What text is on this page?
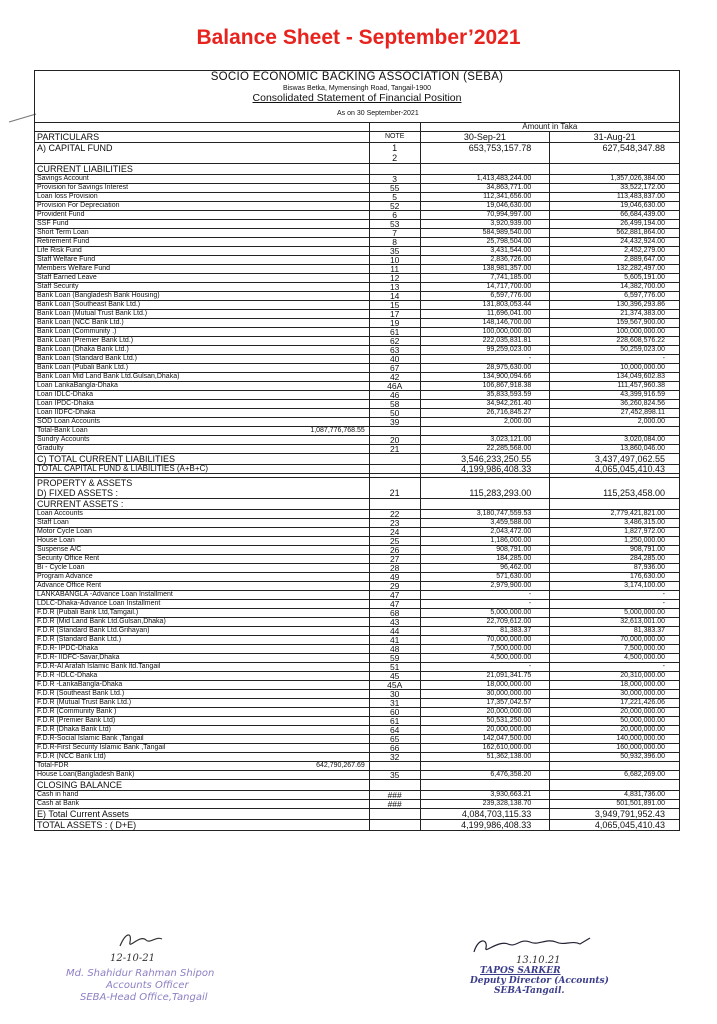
Balance Sheet - September’2021
SOCIO ECONOMIC BACKING ASSOCIATION (SEBA)
Biswas Betka, Mymensingh Road, Tangail-1900
Consolidated Statement of Financial Position
As on 30 September-2021
		Amount in Taka	
PARTICULARS	NOTE	30-Sep-21	31-Aug-21
A) CAPITAL FUND	1	653,753,157.78	627,548,347.88
	2		
CURRENT LIABILITIES			
Savings Account	3	1,413,483,244.00	1,357,026,384.00
Provision for Savings Interest	55	34,863,771.00	33,522,172.00
Loan loss Provision	5	112,341,656.00	113,483,837.00
Provision For Depreciation	52	19,046,630.00	19,046,630.00
Provident Fund	6	70,994,997.00	66,684,439.00
SSF Fund	53	3,920,939.00	26,499,194.00
Short Term Loan	7	584,989,540.00	562,881,864.00
Retirement Fund	8	25,798,504.00	24,432,924.00
Life Risk Fund	35	3,431,544.00	2,452,279.00
Staff Welfare Fund	10	2,836,726.00	2,889,647.00
Members Welfare Fund	11	138,981,357.00	132,282,497.00
Staff Earned Leave	12	7,741,185.00	5,605,191.00
Staff Security	13	14,717,700.00	14,382,700.00
Bank Loan (Bangladesh Bank Housing)	14	6,597,776.00	6,597,776.00
Bank Loan (Southeast Bank Ltd.)	15	131,803,053.44	130,396,293.86
Bank Loan (Mutual Trust Bank Ltd.)	17	11,696,041.00	21,374,383.00
Bank Loan (NCC Bank Ltd.)	19	148,146,700.00	159,567,900.00
Bank Loan (Community .)	61	100,000,000.00	100,000,000.00
Bank Loan (Premier Bank Ltd.)	62	222,035,831.81	228,608,576.22
Bank Loan (Dhaka Bank Ltd.)	63	99,259,023.00	50,259,023.00
Bank Loan (Standard Bank Ltd.)	40	-	-
Bank Loan (Pubali Bank Ltd.)	67	28,975,630.00	10,000,000.00
Bank Loan Mid Land Bank Ltd.Gulsan,Dhaka)	42	134,900,094.66	134,049,602.83
Loan LankaBangla-Dhaka	46A	106,867,918.38	111,457,960.38
Loan IDLC-Dhaka	46	35,833,593.59	43,399,916.59
Loan IPDC-Dhaka	58	34,942,261.40	36,260,824.56
Loan IIDFC-Dhaka	50	26,716,845.27	27,452,898.11
SOD Loan Accounts	39	2,000.00	2,000.00
Total-Bank Loan 1,087,776,768.55			

Sundry Accounts	20	3,023,121.00	3,020,084.00
Gradulty	21	22,285,568.00	13,860,046.00
C) TOTAL CURRENT LIABILITIES		3,546,233,250.55	3,437,497,062.55
TOTAL CAPITAL FUND & LIABILITIES (A+B+C)		4,199,986,408.33	4,065,045,410.43

PROPERTY & ASSETS			
D) FIXED ASSETS :	21	115,283,293.00	115,253,458.00
CURRENT ASSETS :			
Loan Accounts	22	3,180,747,559.53	2,779,421,821.00
Staff Loan	23	3,459,588.00	3,486,315.00
Motor Cycle Loan	24	2,043,472.00	1,827,972.00
House Loan	25	1,186,000.00	1,250,000.00
Suspense A/C	26	908,791.00	908,791.00
Security Office Rent	27	184,285.00	284,285.00
Bi - Cycle Loan	28	96,462.00	87,936.00
Program Advance	49	571,630.00	176,630.00
Advance Office Rent	29	2,979,900.00	3,174,100.00
LANKABANGLA -Advance Loan Installment	47	-	-
LDLC-Dhaka-Advance Loan Installment	47	-	-
F.D.R (Pubali Bank Ltd,Tamgail.)	68	5,000,000.00	5,000,000.00
F.D.R (Mid Land Bank Ltd.Gulsan,Dhaka)	43	22,709,612.00	32,613,001.00
F.D.R (Standard Bank Ltd.Grihayan)	44	81,383.37	81,383.37
F.D.R (Standard Bank Ltd.)	41	70,000,000.00	70,000,000.00
F.D.R- IPDC-Dhaka	48	7,500,000.00	7,500,000.00
F.D.R- IIDFC-Savar,Dhaka	59	4,500,000.00	4,500,000.00
F.D.R-Al Arafah Islamic Bank ltd.Tangail	51	-	-
F.D.R -IDLC-Dhaka	45	21,091,341.75	20,310,000.00
F.D.R -LankaBangla-Dhaka	45A	18,000,000.00	18,000,000.00
F.D.R (Southeast Bank Ltd.)	30	30,000,000.00	30,000,000.00
F.D.R (Mutual Trust Bank Ltd.)	31	17,357,042.57	17,221,426.06
F.D.R (Community Bank )	60	20,000,000.00	20,000,000.00
F.D.R (Premier Bank Ltd)	61	50,531,250.00	50,000,000.00
F.D.R (Dhaka Bank Ltd)	64	20,000,000.00	20,000,000.00
F.D.R-Social Islamic Bank ,Tangail	65	142,047,500.00	140,000,000.00
F.D.R-First Security Islamic Bank ,Tangail	66	162,610,000.00	160,000,000.00
F.D.R (NCC Bank Ltd)	32	51,362,138.00	50,932,396.00
Total-FDR 642,790,267.69			

House Loan(Bangladesh Bank)	35	6,476,358.20	6,682,269.00
CLOSING BALANCE			
Cash in hand	###	3,930,663.21	4,831,736.00
Cash at Bank	###	239,328,138.70	501,501,891.00
E) Total Current Assets		4,084,703,115.33	3,949,791,952.43
TOTAL ASSETS : ( D+E)		4,199,986,408.33	4,065,045,410.43
12-10-21
Md. Shahidur Rahman Shipon
Accounts Officer
SEBA-Head Office,Tangail
13.10.21
TAPOS SARKER
Deputy Director (Accounts)
SEBA-Tangail.
